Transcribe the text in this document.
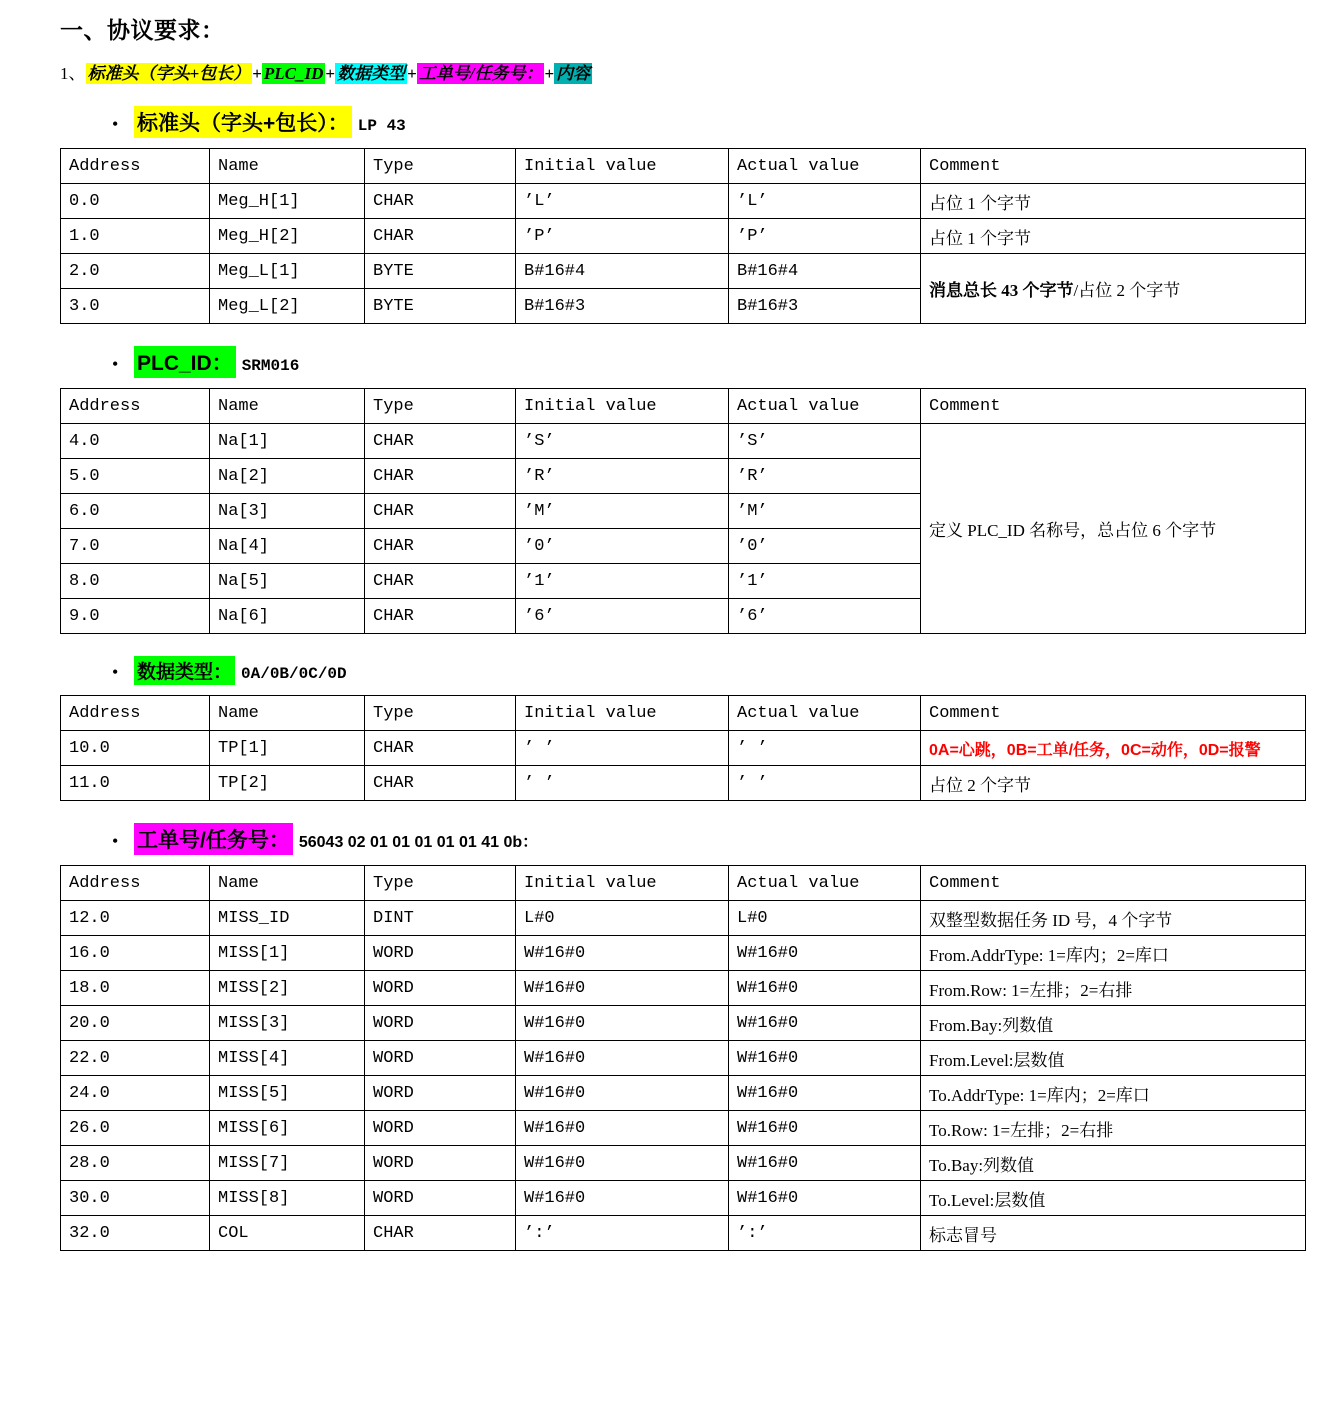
一、协议要求：
1、 标准头（字头+包长） + PLC_ID + 数据类型 + 工单号/任务号： + 内容
• 标准头（字头+包长）： LP 43
Address	Name	Type	Initial value	Actual value	Comment
0.0	Meg_H[1]	CHAR	’L’	’L’	占位 1 个字节
1.0	Meg_H[2]	CHAR	’P’	’P’	占位 1 个字节
2.0	Meg_L[1]	BYTE	B#16#4	B#16#4	消息总长 43 个字节/占位 2 个字节
3.0	Meg_L[2]	BYTE	B#16#3	B#16#3	
• PLC_ID： SRM016
Address	Name	Type	Initial value	Actual value	Comment
4.0	Na[1]	CHAR	’S’	’S’	定义 PLC_ID 名称号，总占位 6 个字节
5.0	Na[2]	CHAR	’R’	’R’	
6.0	Na[3]	CHAR	’M’	’M’	
7.0	Na[4]	CHAR	’0’	’0’	
8.0	Na[5]	CHAR	’1’	’1’	
9.0	Na[6]	CHAR	’6’	’6’	
• 数据类型： 0A/0B/0C/0D
Address	Name	Type	Initial value	Actual value	Comment
10.0	TP[1]	CHAR	’ ’	’ ’	0A=心跳，0B=工单/任务，0C=动作，0D=报警
11.0	TP[2]	CHAR	’ ’	’ ’	占位 2 个字节
• 工单号/任务号： 56043 02 01 01 01 01 01 41 0b：
Address	Name	Type	Initial value	Actual value	Comment
12.0	MISS_ID	DINT	L#0	L#0	双整型数据任务 ID 号，4 个字节
16.0	MISS[1]	WORD	W#16#0	W#16#0	From.AddrType: 1=库内；2=库口
18.0	MISS[2]	WORD	W#16#0	W#16#0	From.Row: 1=左排；2=右排
20.0	MISS[3]	WORD	W#16#0	W#16#0	From.Bay:列数值
22.0	MISS[4]	WORD	W#16#0	W#16#0	From.Level:层数值
24.0	MISS[5]	WORD	W#16#0	W#16#0	To.AddrType: 1=库内；2=库口
26.0	MISS[6]	WORD	W#16#0	W#16#0	To.Row: 1=左排；2=右排
28.0	MISS[7]	WORD	W#16#0	W#16#0	To.Bay:列数值
30.0	MISS[8]	WORD	W#16#0	W#16#0	To.Level:层数值
32.0	COL	CHAR	’:’	’:’	标志冒号
